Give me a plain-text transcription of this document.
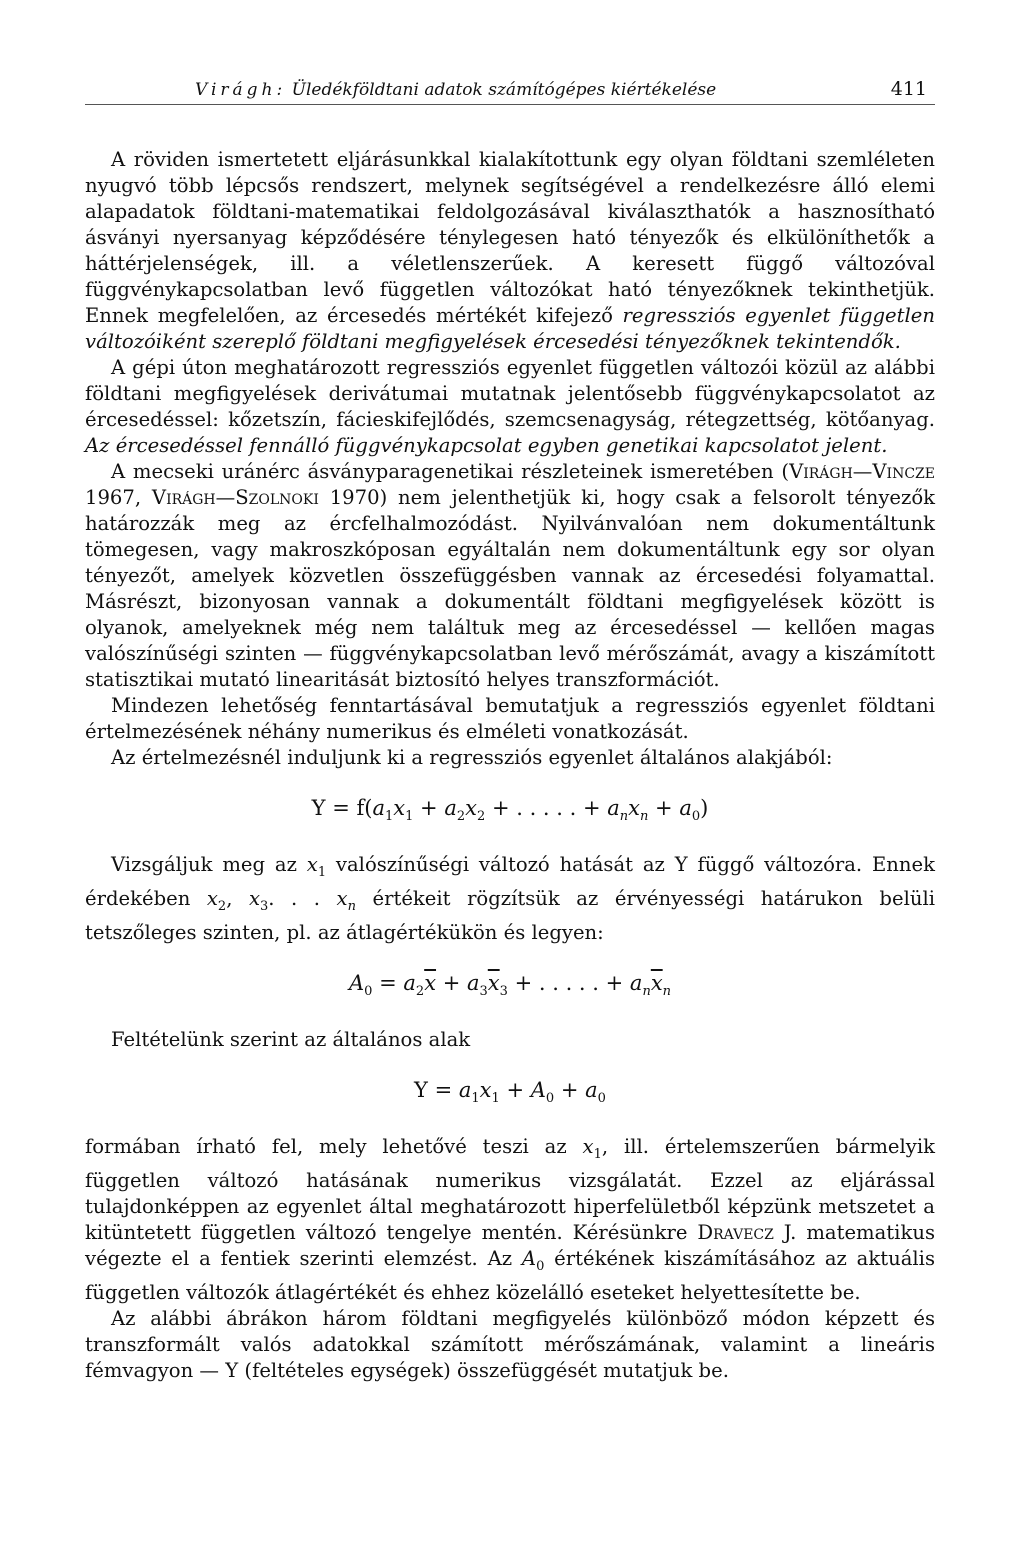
Virágh: Üledékföldtani adatok számítógépes kiértékelése	411

A röviden ismertetett eljárásunkkal kialakítottunk egy olyan földtani szemléleten nyugvó több lépcsős rendszert, melynek segítségével a rendelkezésre álló elemi alapadatok földtani-matematikai feldolgozásával kiválaszthatók a hasznosítható ásványi nyersanyag képződésére ténylegesen ható tényezők és elkülöníthetők a háttérjelenségek, ill. a véletlenszerűek. A keresett függő változóval függvénykapcsolatban levő független változókat ható tényezőknek tekinthetjük. Ennek megfelelően, az ércesedés mértékét kifejező regressziós egyenlet független változóiként szereplő földtani megfigyelések ércesedési tényezőknek tekintendők.

A gépi úton meghatározott regressziós egyenlet független változói közül az alábbi földtani megfigyelések derivátumai mutatnak jelentősebb függvénykapcsolatot az ércesedéssel: kőzetszín, fácieskifejlődés, szemcsenagyság, rétegzettség, kötőanyag. Az ércesedéssel fennálló függvénykapcsolat egyben genetikai kapcsolatot jelent.

A mecseki uránérc ásványparagenetikai részleteinek ismeretében (Virágh—Vincze 1967, Virágh—Szolnoki 1970) nem jelenthetjük ki, hogy csak a felsorolt tényezők határozzák meg az ércfelhalmozódást. Nyilvánvalóan nem dokumentáltunk tömegesen, vagy makroszkóposan egyáltalán nem dokumentáltunk egy sor olyan tényezőt, amelyek közvetlen összefüggésben vannak az ércesedési folyamattal. Másrészt, bizonyosan vannak a dokumentált földtani megfigyelések között is olyanok, amelyeknek még nem találtuk meg az ércesedéssel — kellően magas valószínűségi szinten — függvénykapcsolatban levő mérőszámát, avagy a kiszámított statisztikai mutató linearitását biztosító helyes transzformációt.

Mindezen lehetőség fenntartásával bemutatjuk a regressziós egyenlet földtani értelmezésének néhány numerikus és elméleti vonatkozását.

Az értelmezésnél induljunk ki a regressziós egyenlet általános alakjából:

$Y = f(a_1x_1 + a_2x_2$ + . . . . . + $a_nx_n + a_0$)

Vizsgáljuk meg az $x_1$ valószínűségi változó hatását az Y függő változóra. Ennek érdekében $x_2$, $x_3$. . . $x_n$ értékeit rögzítsük az érvényességi határukon belüli tetszőleges szinten, pl. az átlagértékükön és legyen:

$A_0 = a_2\overline{x} + a_3\overline{x}_3$ + . . . . . + $a_n\overline{x}_n$

Feltételünk szerint az általános alak

$Y = a_1x_1 + A_0 + a_0$

formában írható fel, mely lehetővé teszi az $x_1$, ill. értelemszerűen bármelyik független változó hatásának numerikus vizsgálatát. Ezzel az eljárással tulajdonképpen az egyenlet által meghatározott hiperfelületből képzünk metszetet a kitüntetett független változó tengelye mentén. Kérésünkre Dravecz J. matematikus végezte el a fentiek szerinti elemzést. Az $A_0$ értékének kiszámításához az aktuális független változók átlagértékét és ehhez közelálló eseteket helyettesítette be.

Az alábbi ábrákon három földtani megfigyelés különböző módon képzett és transzformált valós adatokkal számított mérőszámának, valamint a lineáris fémvagyon — Y (feltételes egységek) összefüggését mutatjuk be.
